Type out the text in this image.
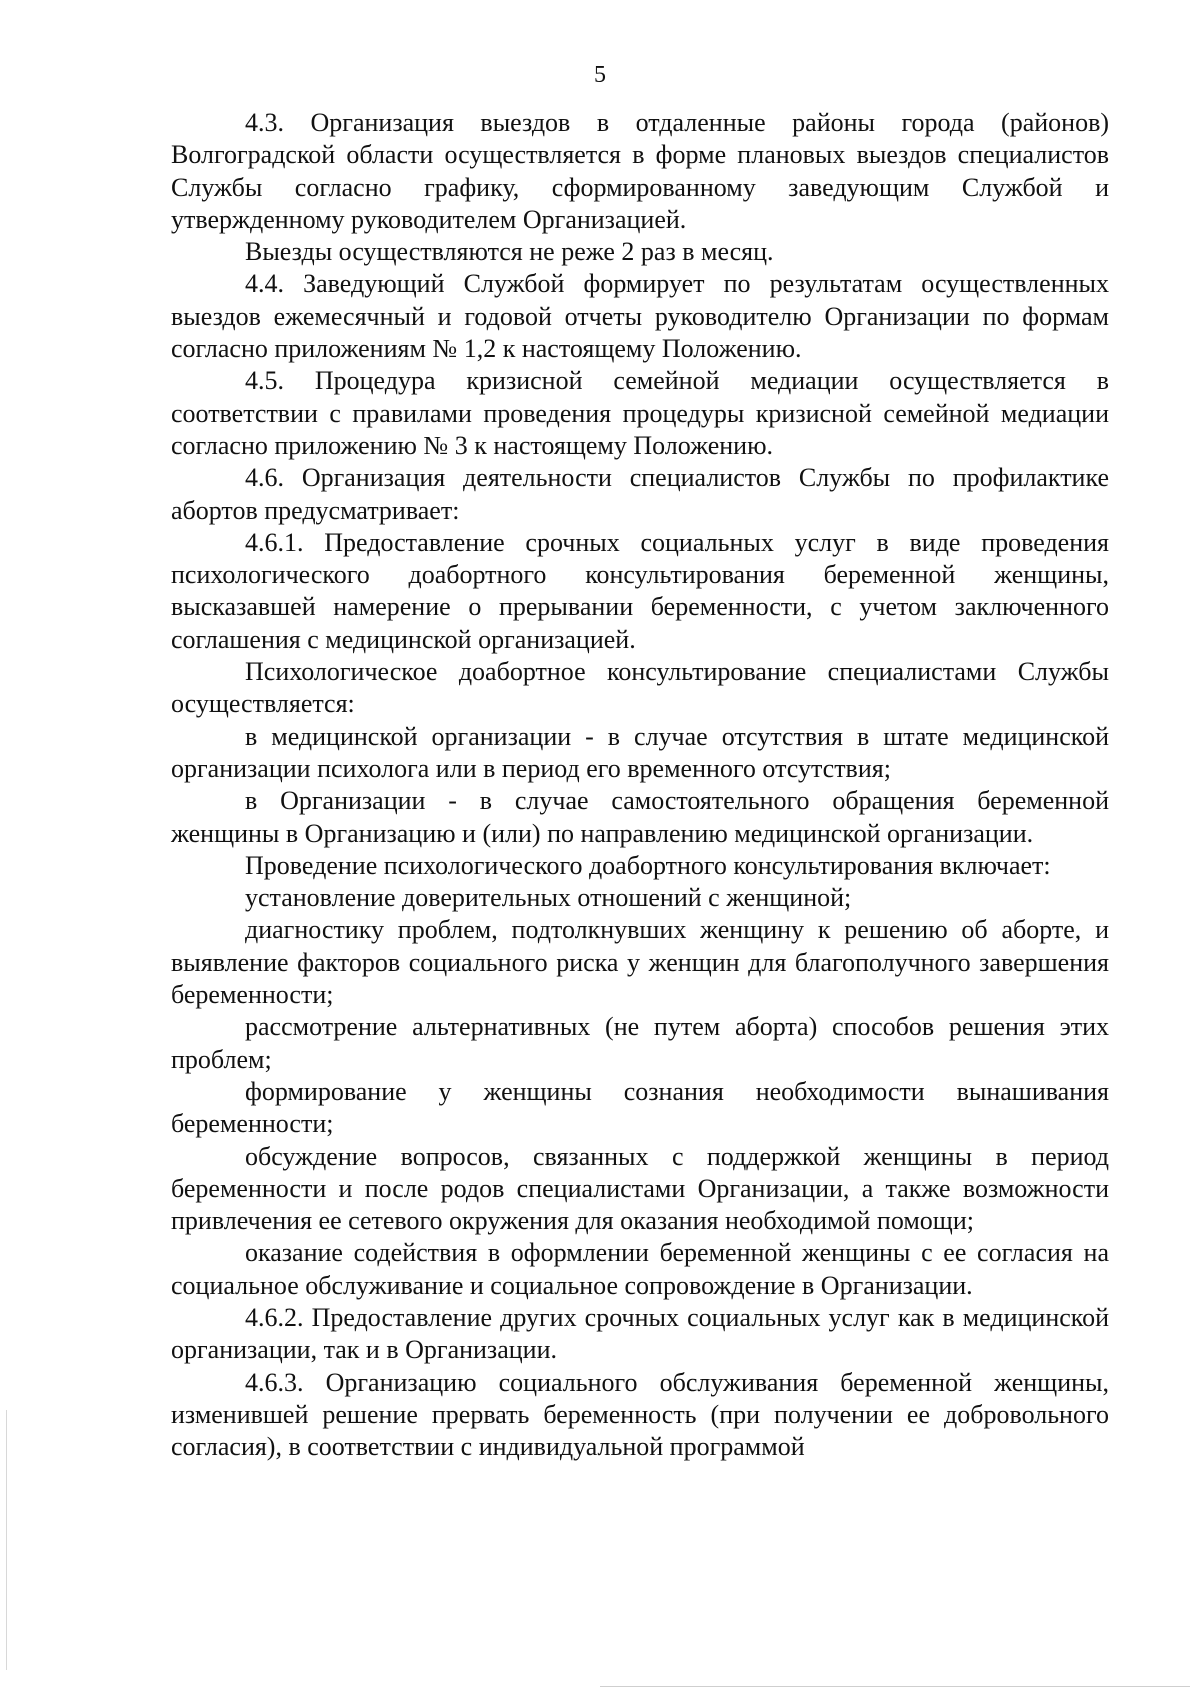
5

4.3. Организация выездов в отдаленные районы города (районов) Волгоградской области осуществляется в форме плановых выездов специалистов Службы согласно графику, сформированному заведующим Службой и утвержденному руководителем Организацией.

Выезды осуществляются не реже 2 раз в месяц.

4.4. Заведующий Службой формирует по результатам осуществленных выездов ежемесячный и годовой отчеты руководителю Организации по формам согласно приложениям № 1,2 к настоящему Положению.

4.5. Процедура кризисной семейной медиации осуществляется в соответствии с правилами проведения процедуры кризисной семейной медиации согласно приложению № 3 к настоящему Положению.

4.6. Организация деятельности специалистов Службы по профилактике абортов предусматривает:

4.6.1. Предоставление срочных социальных услуг в виде проведения психологического доабортного консультирования беременной женщины, высказавшей намерение о прерывании беременности, с учетом заключенного соглашения с медицинской организацией.

Психологическое доабортное консультирование специалистами Службы осуществляется:

в медицинской организации - в случае отсутствия в штате медицинской организации психолога или в период его временного отсутствия;

в Организации - в случае самостоятельного обращения беременной женщины в Организацию и (или) по направлению медицинской организации.

Проведение психологического доабортного консультирования включает:

установление доверительных отношений с женщиной;

диагностику проблем, подтолкнувших женщину к решению об аборте, и выявление факторов социального риска у женщин для благополучного завершения беременности;

рассмотрение альтернативных (не путем аборта) способов решения этих проблем;

формирование у женщины сознания необходимости вынашивания беременности;

обсуждение вопросов, связанных с поддержкой женщины в период беременности и после родов специалистами Организации, а также возможности привлечения ее сетевого окружения для оказания необходимой помощи;

оказание содействия в оформлении беременной женщины с ее согласия на социальное обслуживание и социальное сопровождение в Организации.

4.6.2. Предоставление других срочных социальных услуг как в медицинской организации, так и в Организации.

4.6.3. Организацию социального обслуживания беременной женщины, изменившей решение прервать беременность (при получении ее добровольного согласия), в соответствии с индивидуальной программой
